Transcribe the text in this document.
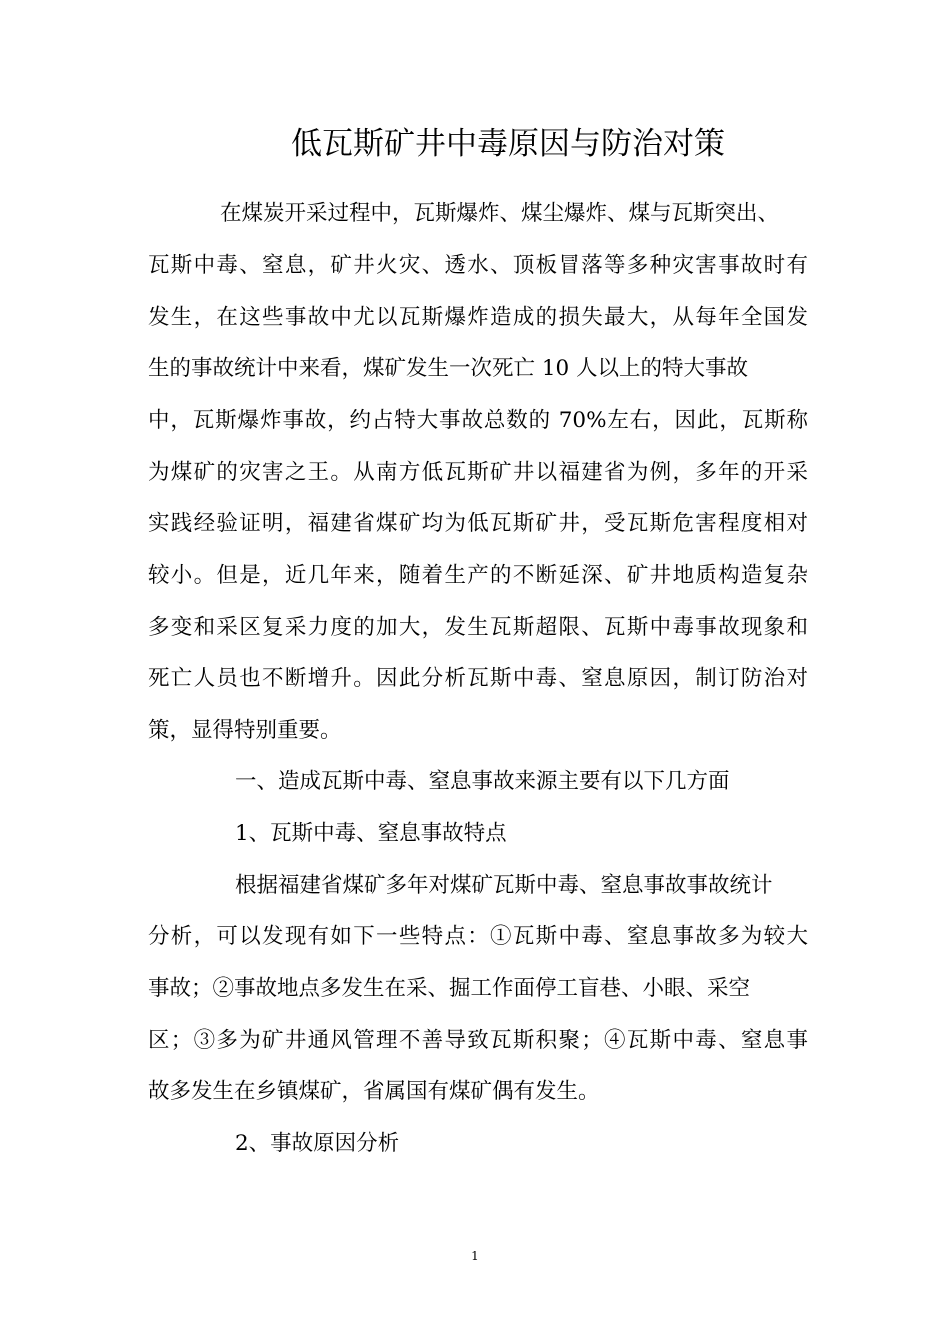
低瓦斯矿井中毒原因与防治对策

在煤炭开采过程中，瓦斯爆炸、煤尘爆炸、煤与瓦斯突出、

瓦斯中毒、窒息，矿井火灾、透水、顶板冒落等多种灾害事故时有

发生，在这些事故中尤以瓦斯爆炸造成的损失最大，从每年全国发

生的事故统计中来看，煤矿发生一次死亡 10 人以上的特大事故

中，瓦斯爆炸事故，约占特大事故总数的 70%左右，因此，瓦斯称

为煤矿的灾害之王。从南方低瓦斯矿井以福建省为例，多年的开采

实践经验证明，福建省煤矿均为低瓦斯矿井，受瓦斯危害程度相对

较小。但是，近几年来，随着生产的不断延深、矿井地质构造复杂

多变和采区复采力度的加大，发生瓦斯超限、瓦斯中毒事故现象和

死亡人员也不断增升。因此分析瓦斯中毒、窒息原因，制订防治对

策，显得特别重要。

一、造成瓦斯中毒、窒息事故来源主要有以下几方面

1、瓦斯中毒、窒息事故特点

根据福建省煤矿多年对煤矿瓦斯中毒、窒息事故事故统计

分析，可以发现有如下一些特点：①瓦斯中毒、窒息事故多为较大

事故；②事故地点多发生在采、掘工作面停工盲巷、小眼、采空

区；③多为矿井通风管理不善导致瓦斯积聚；④瓦斯中毒、窒息事

故多发生在乡镇煤矿，省属国有煤矿偶有发生。

2、事故原因分析

1
